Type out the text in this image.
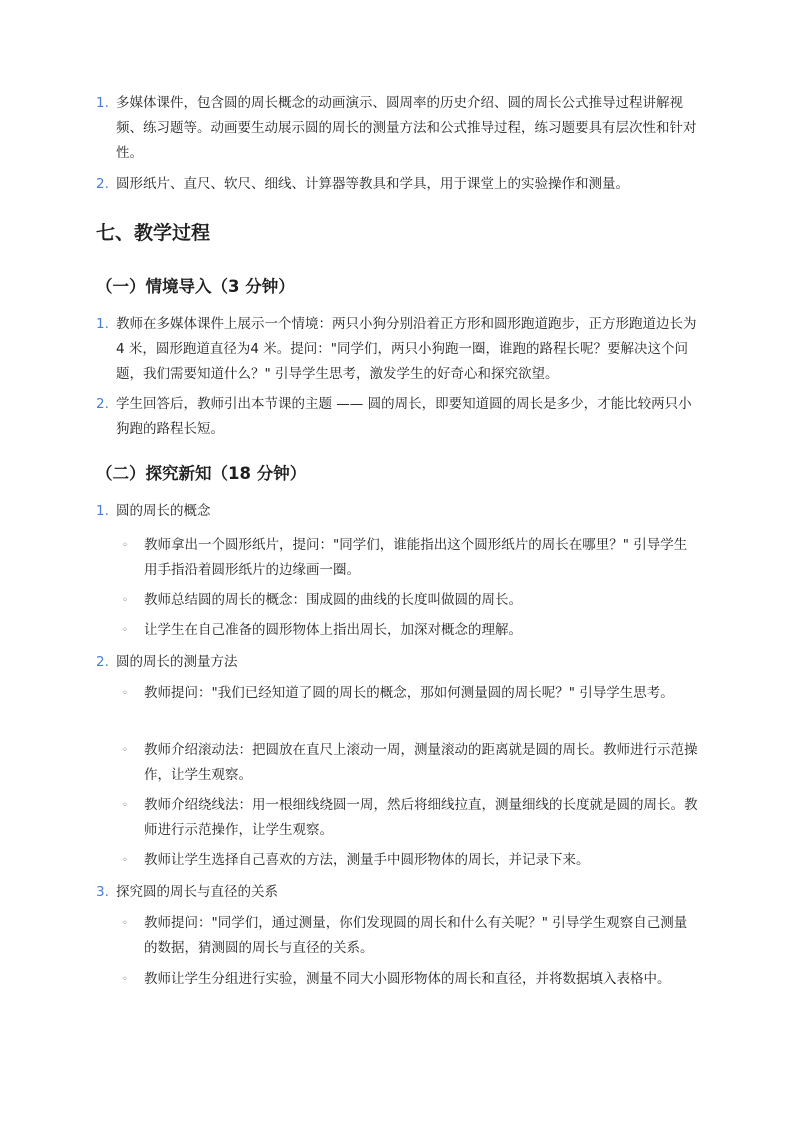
1. 多媒体课件，包含圆的周长概念的动画演示、圆周率的历史介绍、圆的周长公式推导过程讲解视频、练习题等。动画要生动展示圆的周长的测量方法和公式推导过程，练习题要具有层次性和针对性。
2. 圆形纸片、直尺、软尺、细线、计算器等教具和学具，用于课堂上的实验操作和测量。
七、教学过程
（一）情境导入（3 分钟）
1. 教师在多媒体课件上展示一个情境：两只小狗分别沿着正方形和圆形跑道跑步，正方形跑道边长为 4 米，圆形跑道直径为4 米。提问："同学们，两只小狗跑一圈，谁跑的路程长呢？要解决这个问题，我们需要知道什么？" 引导学生思考，激发学生的好奇心和探究欲望。
2. 学生回答后，教师引出本节课的主题 —— 圆的周长，即要知道圆的周长是多少，才能比较两只小狗跑的路程长短。
（二）探究新知（18 分钟）
1. 圆的周长的概念
◦ 教师拿出一个圆形纸片，提问："同学们，谁能指出这个圆形纸片的周长在哪里？" 引导学生用手指沿着圆形纸片的边缘画一圈。
◦ 教师总结圆的周长的概念：围成圆的曲线的长度叫做圆的周长。
◦ 让学生在自己准备的圆形物体上指出周长，加深对概念的理解。
2. 圆的周长的测量方法
◦ 教师提问："我们已经知道了圆的周长的概念，那如何测量圆的周长呢？" 引导学生思考。
◦ 教师介绍滚动法：把圆放在直尺上滚动一周，测量滚动的距离就是圆的周长。教师进行示范操作，让学生观察。
◦ 教师介绍绕线法：用一根细线绕圆一周，然后将细线拉直，测量细线的长度就是圆的周长。教师进行示范操作，让学生观察。
◦ 教师让学生选择自己喜欢的方法，测量手中圆形物体的周长，并记录下来。
3. 探究圆的周长与直径的关系
◦ 教师提问："同学们，通过测量，你们发现圆的周长和什么有关呢？" 引导学生观察自己测量的数据，猜测圆的周长与直径的关系。
◦ 教师让学生分组进行实验，测量不同大小圆形物体的周长和直径，并将数据填入表格中。
